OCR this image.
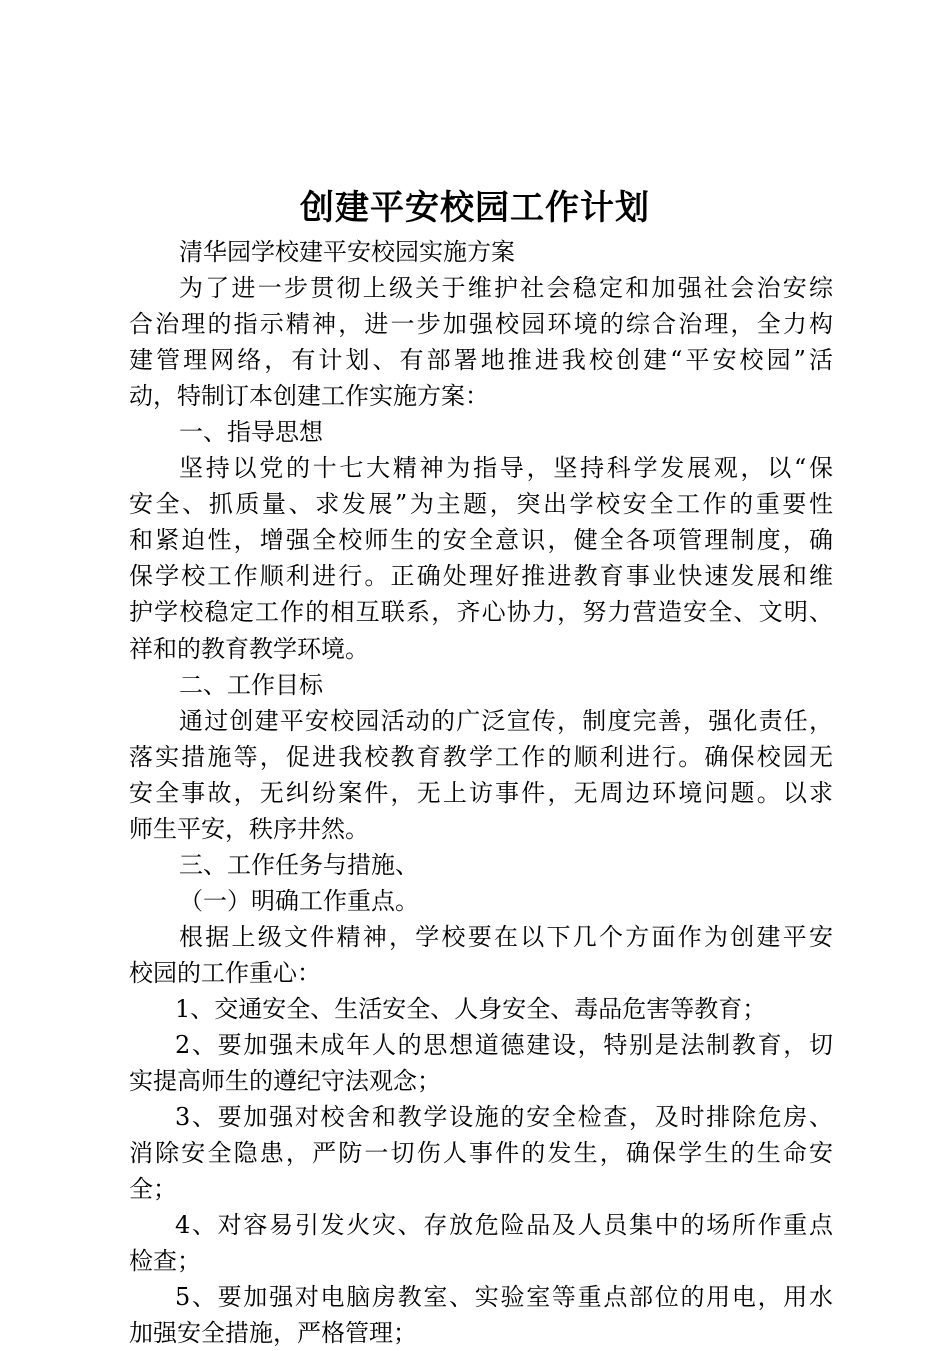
创建平安校园工作计划
清华园学校建平安校园实施方案
为了进一步贯彻上级关于维护社会稳定和加强社会治安综
合治理的指示精神，进一步加强校园环境的综合治理，全力构
建管理网络，有计划、有部署地推进我校创建“平安校园”活
动，特制订本创建工作实施方案：
一、指导思想
坚持以党的十七大精神为指导，坚持科学发展观，以“保
安全、抓质量、求发展”为主题，突出学校安全工作的重要性
和紧迫性，增强全校师生的安全意识，健全各项管理制度，确
保学校工作顺利进行。正确处理好推进教育事业快速发展和维
护学校稳定工作的相互联系，齐心协力，努力营造安全、文明、
祥和的教育教学环境。
二、工作目标
通过创建平安校园活动的广泛宣传，制度完善，强化责任，
落实措施等，促进我校教育教学工作的顺利进行。确保校园无
安全事故，无纠纷案件，无上访事件，无周边环境问题。以求
师生平安，秩序井然。
三、工作任务与措施、
（一）明确工作重点。
根据上级文件精神，学校要在以下几个方面作为创建平安
校园的工作重心：
1、交通安全、生活安全、人身安全、毒品危害等教育；
2、要加强未成年人的思想道德建设，特别是法制教育，切
实提高师生的遵纪守法观念；
3、要加强对校舍和教学设施的安全检查，及时排除危房、
消除安全隐患，严防一切伤人事件的发生，确保学生的生命安
全；
4、对容易引发火灾、存放危险品及人员集中的场所作重点
检查；
5、要加强对电脑房教室、实验室等重点部位的用电，用水
加强安全措施，严格管理；
